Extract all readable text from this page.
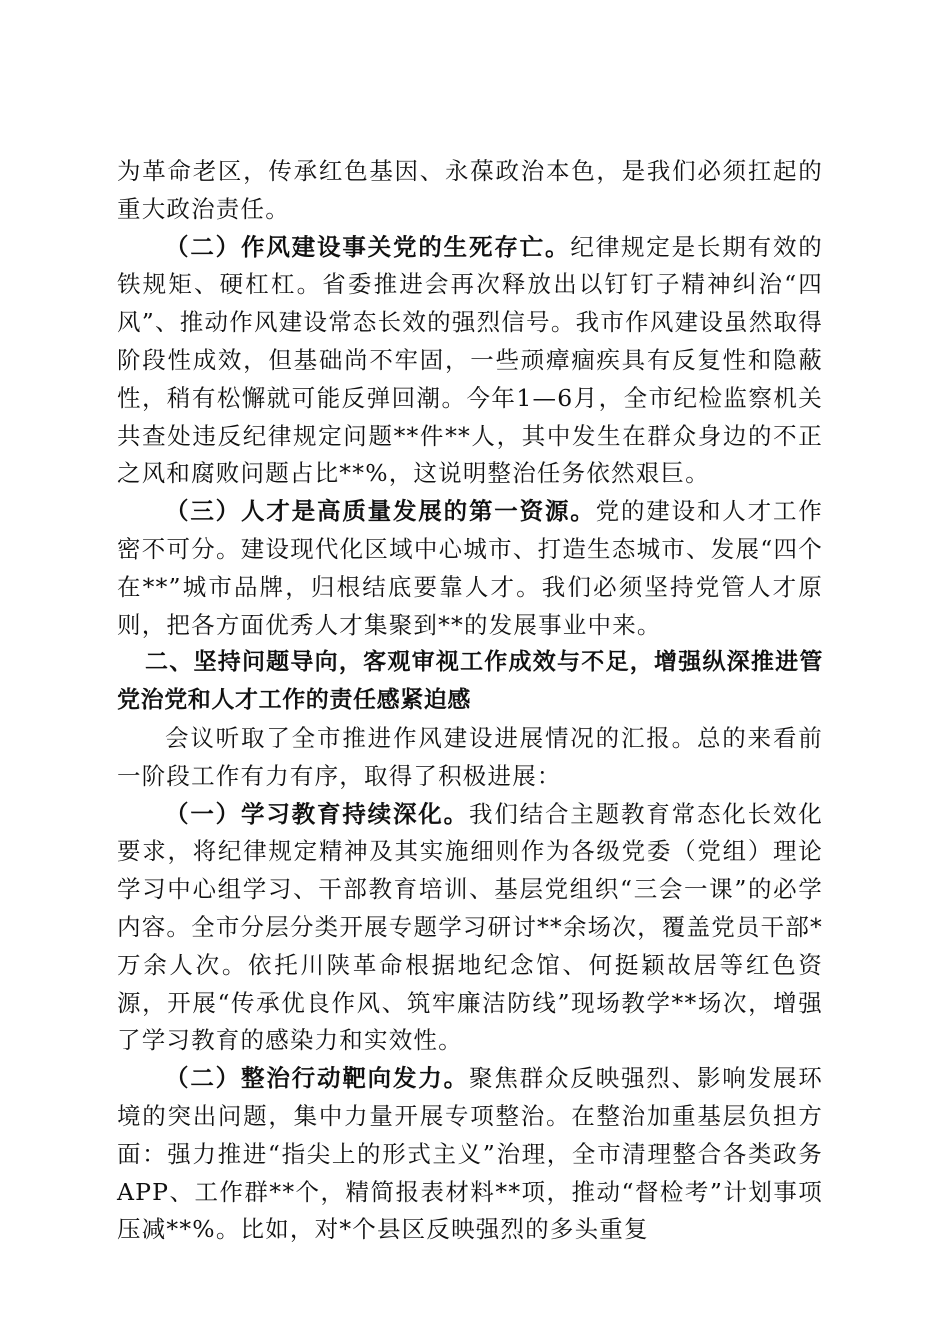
为革命老区，传承红色基因、永葆政治本色，是我们必须扛起的重大政治责任。

（二）作风建设事关党的生死存亡。纪律规定是长期有效的铁规矩、硬杠杠。省委推进会再次释放出以钉钉子精神纠治“四风”、推动作风建设常态长效的强烈信号。我市作风建设虽然取得阶段性成效，但基础尚不牢固，一些顽瘴痼疾具有反复性和隐蔽性，稍有松懈就可能反弹回潮。今年1—6月，全市纪检监察机关共查处违反纪律规定问题**件**人，其中发生在群众身边的不正之风和腐败问题占比**%，这说明整治任务依然艰巨。

（三）人才是高质量发展的第一资源。党的建设和人才工作密不可分。建设现代化区域中心城市、打造生态城市、发展“四个在**”城市品牌，归根结底要靠人才。我们必须坚持党管人才原则，把各方面优秀人才集聚到**的发展事业中来。

二、坚持问题导向，客观审视工作成效与不足，增强纵深推进管党治党和人才工作的责任感紧迫感

会议听取了全市推进作风建设进展情况的汇报。总的来看前一阶段工作有力有序，取得了积极进展：

（一）学习教育持续深化。我们结合主题教育常态化长效化要求，将纪律规定精神及其实施细则作为各级党委（党组）理论学习中心组学习、干部教育培训、基层党组织“三会一课”的必学内容。全市分层分类开展专题学习研讨**余场次，覆盖党员干部*万余人次。依托川陕革命根据地纪念馆、何挺颖故居等红色资源，开展“传承优良作风、筑牢廉洁防线”现场教学**场次，增强了学习教育的感染力和实效性。

（二）整治行动靶向发力。聚焦群众反映强烈、影响发展环境的突出问题，集中力量开展专项整治。在整治加重基层负担方面：强力推进“指尖上的形式主义”治理，全市清理整合各类政务APP、工作群**个，精简报表材料**项，推动“督检考”计划事项压减**%。比如，对*个县区反映强烈的多头重复
